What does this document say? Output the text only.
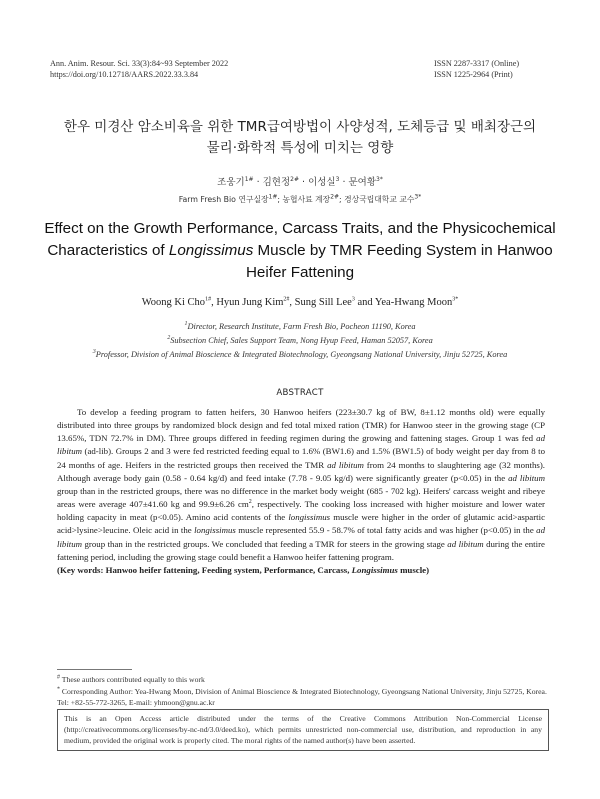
Ann. Anim. Resour. Sci. 33(3):84~93 September 2022
https://doi.org/10.12718/AARS.2022.33.3.84
ISSN 2287-3317 (Online)
ISSN 1225-2964 (Print)
한우 미경산 암소비육을 위한 TMR급여방법이 사양성적, 도체등급 및 배최장근의
물리·화학적 특성에 미치는 영향
조웅기$^{1\#}$ · 김현정$^{2\#}$ · 이성실$^3$ · 문여황$^{3*}$
Farm Fresh Bio 연구실장$^{1\#}$; 농협사료 계장$^{2\#}$; 경상국립대학교 교수$^{3*}$
Effect on the Growth Performance, Carcass Traits, and the Physicochemical
Characteristics of Longissimus Muscle by TMR Feeding System in Hanwoo
Heifer Fattening
Woong Ki Cho$^{1\#}$, Hyun Jung Kim$^{2\#}$, Sung Sill Lee$^3$ and Yea-Hwang Moon$^{3*}$
$^1$Director, Research Institute, Farm Fresh Bio, Pocheon 11190, Korea
$^2$Subsection Chief, Sales Support Team, Nong Hyup Feed, Haman 52057, Korea
$^3$Professor, Division of Animal Bioscience & Integrated Biotechnology, Gyeongsang National University, Jinju 52725, Korea
ABSTRACT
To develop a feeding program to fatten heifers, 30 Hanwoo heifers (223±30.7 kg of BW, 8±1.12 months old) were equally distributed into three groups by randomized block design and fed total mixed ration (TMR) for Hanwoo steer in the growing stage (CP 13.65%, TDN 72.7% in DM). Three groups differed in feeding regimen during the growing and fattening stages. Group 1 was fed ad libitum (ad-lib). Groups 2 and 3 were fed restricted feeding equal to 1.6% (BW1.6) and 1.5% (BW1.5) of body weight per day from 8 to 24 months of age. Heifers in the restricted groups then received the TMR ad libitum from 24 months to slaughtering age (32 months). Although average body gain (0.58 - 0.64 kg/d) and feed intake (7.78 - 9.05 kg/d) were significantly greater (p<0.05) in the ad libitum group than in the restricted groups, there was no difference in the market body weight (685 - 702 kg). Heifers' carcass weight and ribeye areas were average 407±41.60 kg and 99.9±6.26 $cm^2$, respectively. The cooking loss increased with higher moisture and lower water holding capacity in meat (p<0.05). Amino acid contents of the longissimus muscle were higher in the order of glutamic acid>aspartic acid>lysine>leucine. Oleic acid in the longissimus muscle represented 55.9 - 58.7% of total fatty acids and was higher (p<0.05) in the ad libitum group than in the restricted groups. We concluded that feeding a TMR for steers in the growing stage ad libitum during the entire fattening period, including the growing stage could benefit a Hanwoo heifer fattening program.
(Key words: Hanwoo heifer fattening, Feeding system, Performance, Carcass, Longissimus muscle)
# These authors contributed equally to this work
* Corresponding Author: Yea-Hwang Moon, Division of Animal Bioscience & Integrated Biotechnology, Gyeongsang National University, Jinju 52725, Korea. Tel: +82-55-772-3265, E-mail: yhmoon@gnu.ac.kr
This is an Open Access article distributed under the terms of the Creative Commons Attribution Non-Commercial License (http://creativecommons.org/licenses/by-nc-nd/3.0/deed.ko), which permits unrestricted non-commercial use, distribution, and reproduction in any medium, provided the original work is properly cited. The moral rights of the named author(s) have been asserted.
